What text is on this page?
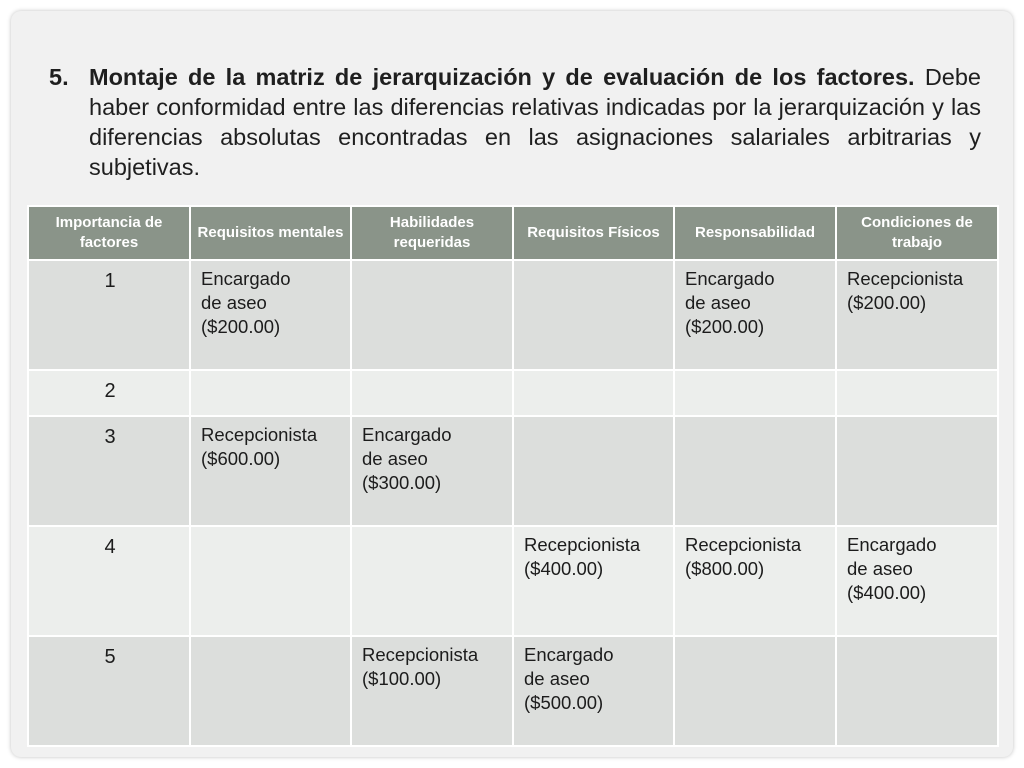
5. Montaje de la matriz de jerarquización y de evaluación de los factores. Debe haber conformidad entre las diferencias relativas indicadas por la jerarquización y las diferencias absolutas encontradas en las asignaciones salariales arbitrarias y subjetivas.
Importancia de factores	Requisitos mentales	Habilidades requeridas	Requisitos Físicos	Responsabilidad	Condiciones de trabajo
1	Encargado
de aseo
($200.00)			Encargado
de aseo
($200.00)	Recepcionista
($200.00)

2					
3	Recepcionista
($600.00)	Encargado
de aseo
($300.00)			

4			Recepcionista
($400.00)	Recepcionista
($800.00)	Encargado
de aseo
($400.00)

5		Recepcionista
($100.00)	Encargado
de aseo
($500.00)		
